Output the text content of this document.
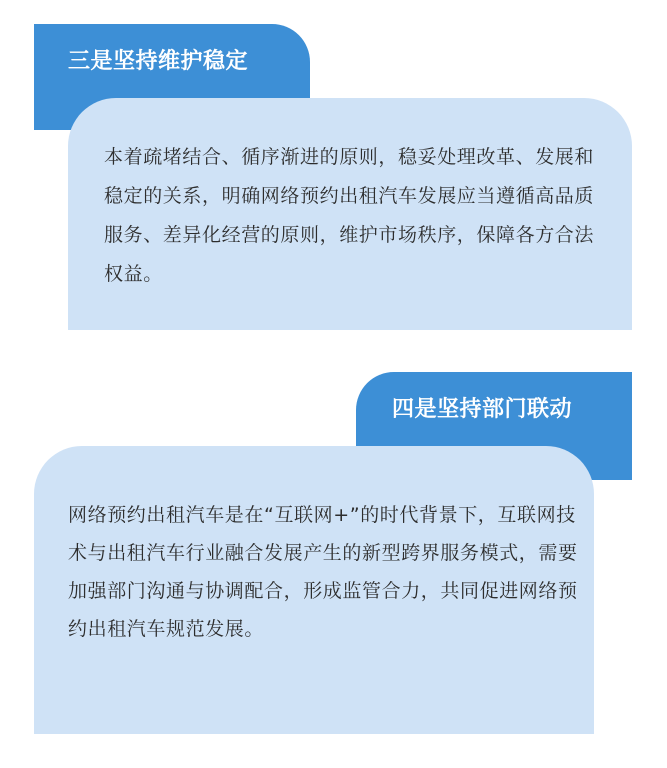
三是坚持维护稳定

本着疏堵结合、循序渐进的原则，稳妥处理改革、发展和稳定的关系，明确网络预约出租汽车发展应当遵循高品质服务、差异化经营的原则，维护市场秩序，保障各方合法权益。

四是坚持部门联动

网络预约出租汽车是在“互联网+”的时代背景下，互联网技术与出租汽车行业融合发展产生的新型跨界服务模式，需要加强部门沟通与协调配合，形成监管合力，共同促进网络预约出租汽车规范发展。
